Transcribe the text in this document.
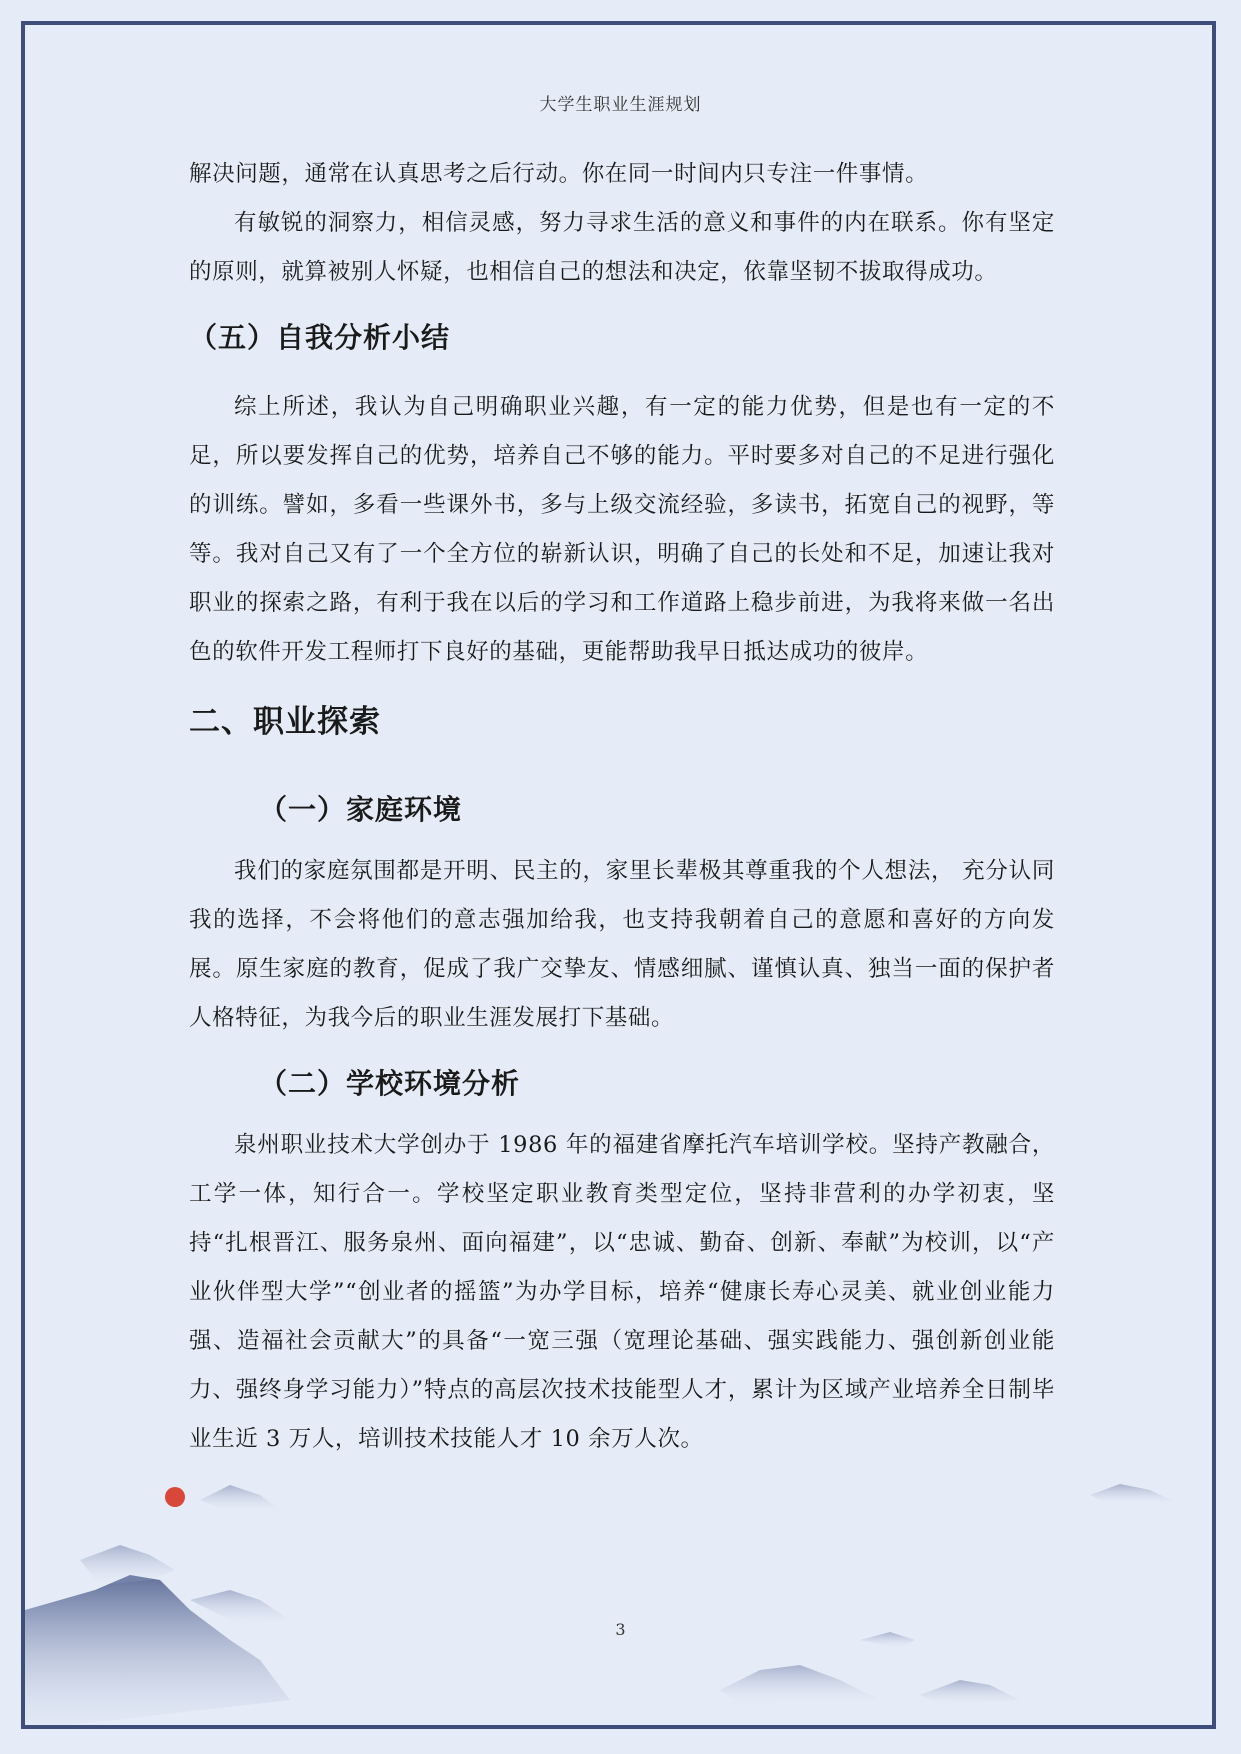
大学生职业生涯规划

解决问题，通常在认真思考之后行动。你在同一时间内只专注一件事情。

有敏锐的洞察力，相信灵感，努力寻求生活的意义和事件的内在联系。你有坚定的原则，就算被别人怀疑，也相信自己的想法和决定，依靠坚韧不拔取得成功。

（五）自我分析小结

综上所述，我认为自己明确职业兴趣，有一定的能力优势，但是也有一定的不足，所以要发挥自己的优势，培养自己不够的能力。平时要多对自己的不足进行强化的训练。譬如，多看一些课外书，多与上级交流经验，多读书，拓宽自己的视野，等等。我对自己又有了一个全方位的崭新认识，明确了自己的长处和不足，加速让我对职业的探索之路，有利于我在以后的学习和工作道路上稳步前进，为我将来做一名出色的软件开发工程师打下良好的基础，更能帮助我早日抵达成功的彼岸。

二、职业探索
（一）家庭环境

我们的家庭氛围都是开明、民主的，家里长辈极其尊重我的个人想法， 充分认同我的选择，不会将他们的意志强加给我，也支持我朝着自己的意愿和喜好的方向发展。原生家庭的教育，促成了我广交挚友、情感细腻、谨慎认真、独当一面的保护者人格特征，为我今后的职业生涯发展打下基础。

（二）学校环境分析

泉州职业技术大学创办于 1986 年的福建省摩托汽车培训学校。坚持产教融合，工学一体，知行合一。学校坚定职业教育类型定位，坚持非营利的办学初衷，坚持“扎根晋江、服务泉州、面向福建”，以“忠诚、勤奋、创新、奉献”为校训，以“产业伙伴型大学”“创业者的摇篮”为办学目标，培养“健康长寿心灵美、就业创业能力强、造福社会贡献大”的具备“一宽三强（宽理论基础、强实践能力、强创新创业能力、强终身学习能力）”特点的高层次技术技能型人才，累计为区域产业培养全日制毕业生近 3 万人，培训技术技能人才 10 余万人次。

3
